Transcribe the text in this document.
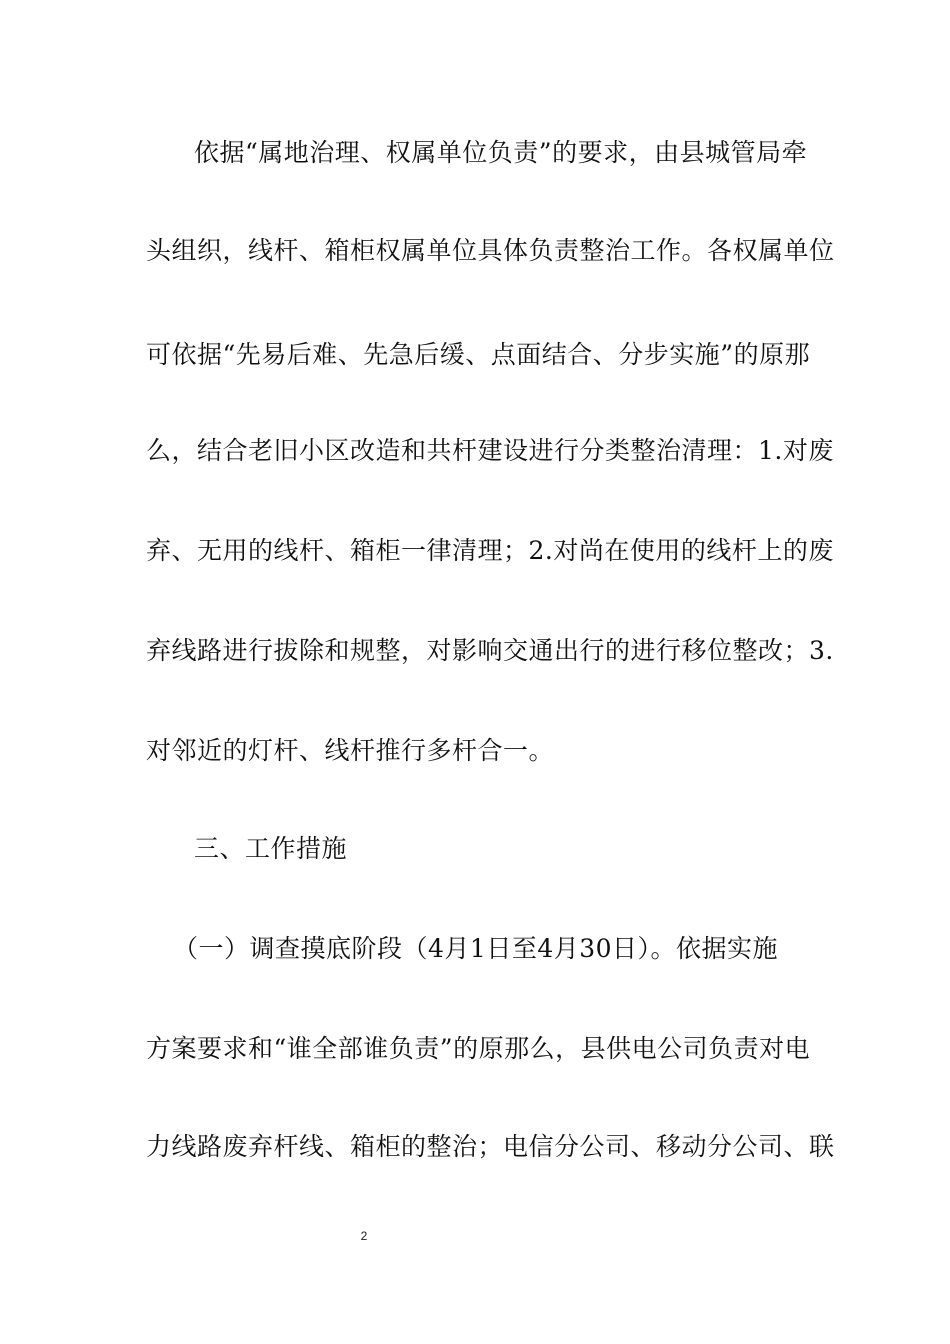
依据“属地治理、权属单位负责”的要求，由县城管局牵
头组织，线杆、箱柜权属单位具体负责整治工作。各权属单位
可依据“先易后难、先急后缓、点面结合、分步实施”的原那
么，结合老旧小区改造和共杆建设进行分类整治清理：1.对废
弃、无用的线杆、箱柜一律清理；2.对尚在使用的线杆上的废
弃线路进行拔除和规整，对影响交通出行的进行移位整改；3.
对邻近的灯杆、线杆推行多杆合一。
三、工作措施
（一）调查摸底阶段（4月1日至4月30日）。依据实施
方案要求和“谁全部谁负责”的原那么，县供电公司负责对电
力线路废弃杆线、箱柜的整治；电信分公司、移动分公司、联
2
